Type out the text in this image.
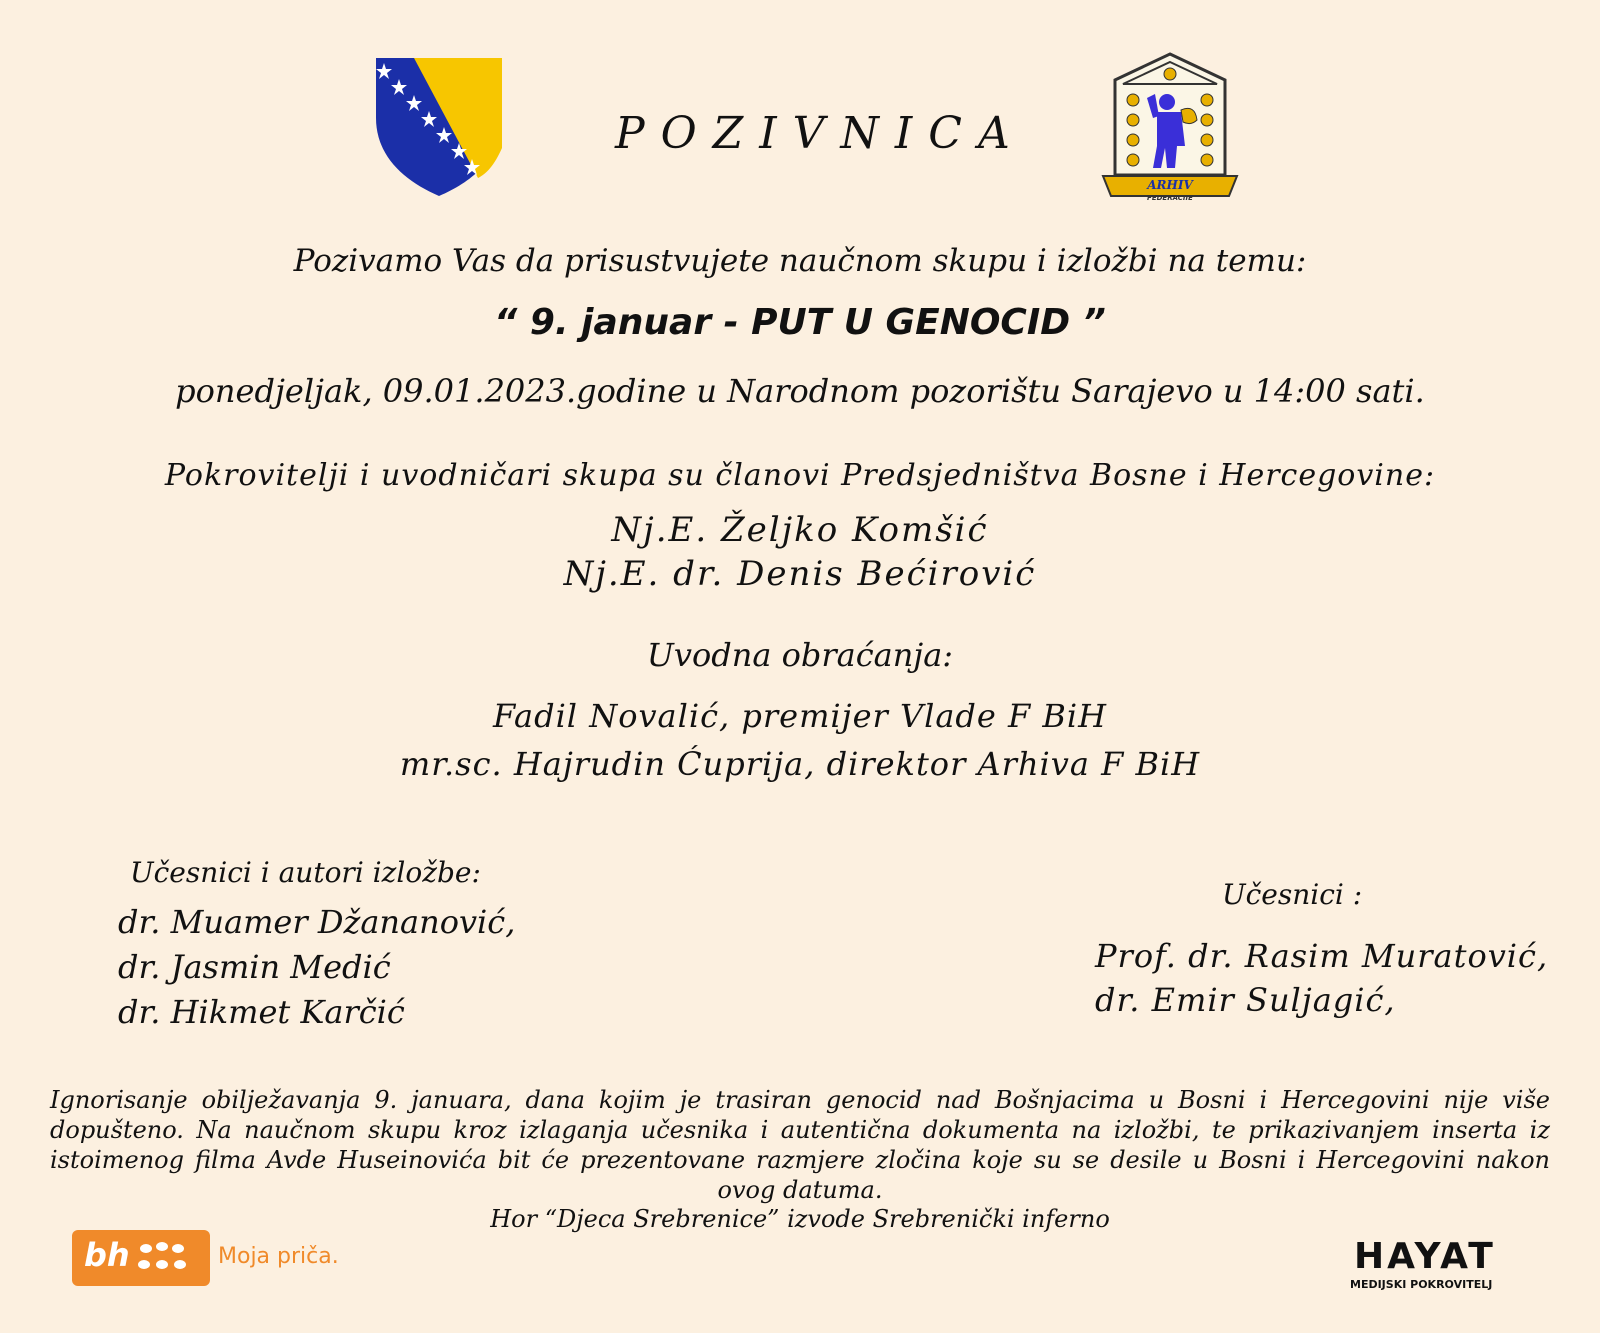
ARHIV
FEDERACIJE
POZIVNICA
Pozivamo Vas da prisustvujete naučnom skupu i izložbi na temu:
“ 9. januar - PUT U GENOCID ”
ponedjeljak, 09.01.2023.godine u Narodnom pozorištu Sarajevo u 14:00 sati.
Pokrovitelji i uvodničari skupa su članovi Predsjedništva Bosne i Hercegovine:
Nj.E. Željko Komšić
Nj.E. dr. Denis Bećirović
Uvodna obraćanja:
Fadil Novalić, premijer Vlade F BiH
mr.sc. Hajrudin Ćuprija, direktor Arhiva F BiH
Učesnici i autori izložbe:
dr. Muamer Džananović,
dr. Jasmin Medić
dr. Hikmet Karčić
Učesnici :
Prof. dr. Rasim Muratović,
dr. Emir Suljagić,
Ignorisanje obilježavanja 9. januara, dana kojim je trasiran genocid nad Bošnjacima u Bosni i Hercegovini nije više dopušteno. Na naučnom skupu kroz izlaganja učesnika i autentična dokumenta na izložbi, te prikazivanjem inserta iz istoimenog filma Avde Huseinovića bit će prezentovane razmjere zločina koje su se desile u Bosni i Hercegovini nakon ovog datuma.
Hor “Djeca Srebrenice” izvode Srebrenički inferno
bh	Moja priča.	HAYAT
MEDIJSKI POKROVITELJ
